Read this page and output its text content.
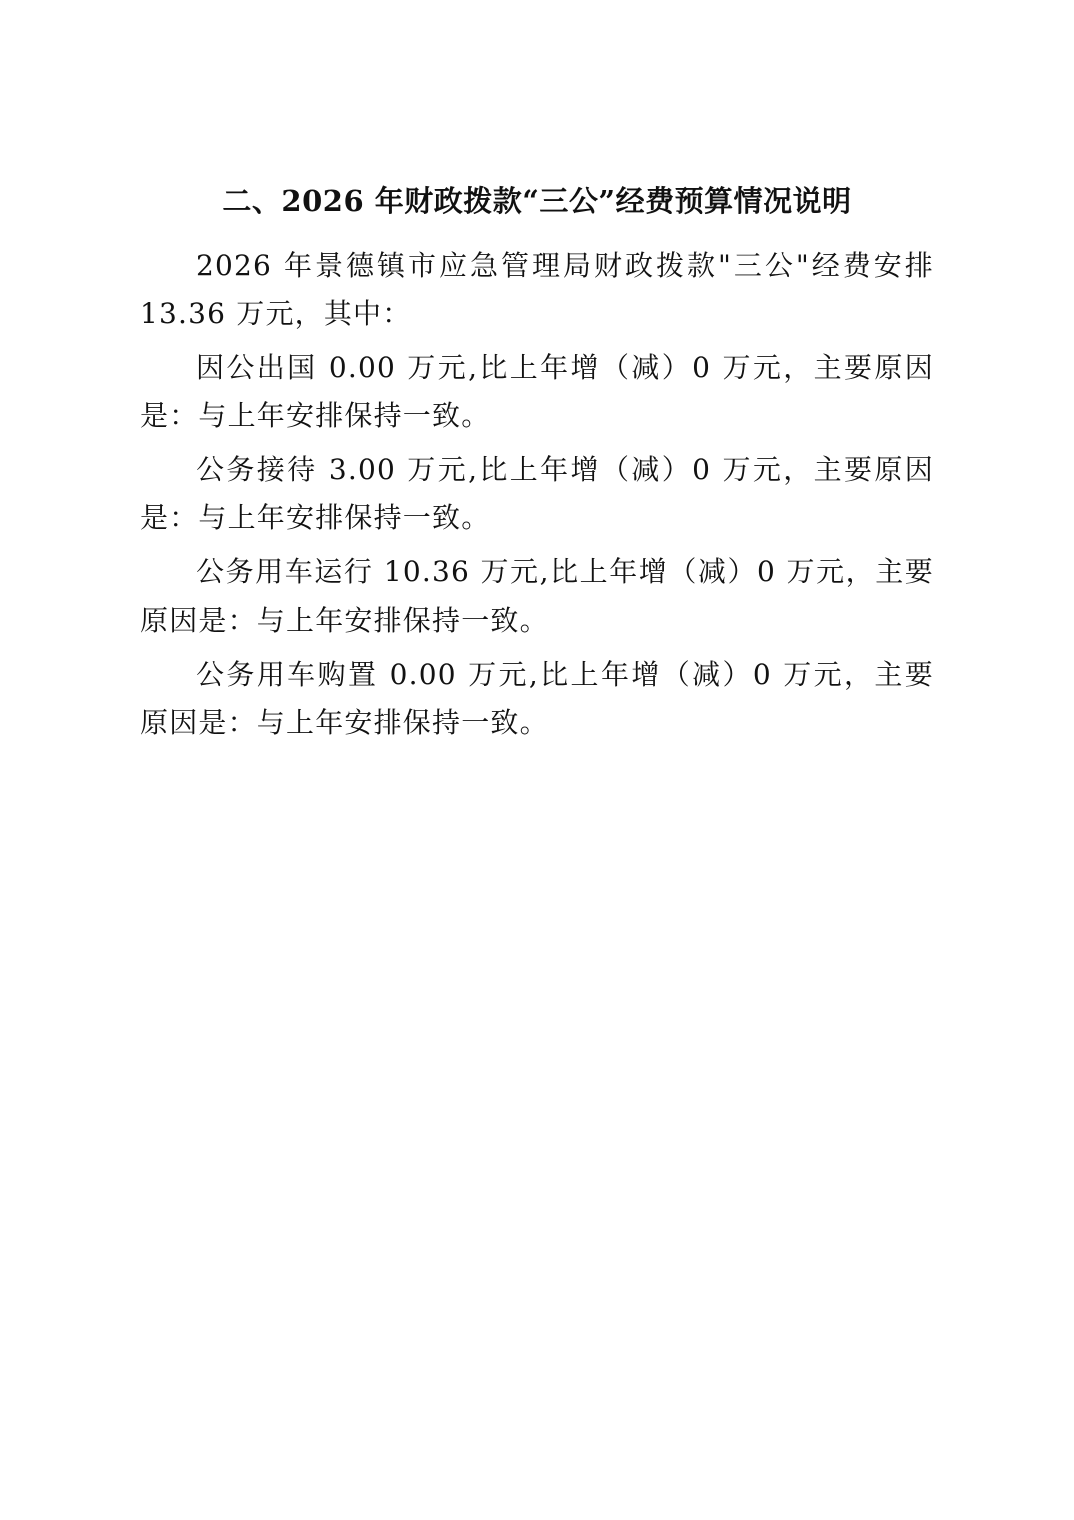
二、2026 年财政拨款“三公”经费预算情况说明

2026 年景德镇市应急管理局财政拨款"三公"经费安排 13.36 万元，其中：

因公出国 0.00 万元,比上年增（减）0 万元，主要原因是：与上年安排保持一致。

公务接待 3.00 万元,比上年增（减）0 万元，主要原因是：与上年安排保持一致。

公务用车运行 10.36 万元,比上年增（减）0 万元，主要原因是：与上年安排保持一致。

公务用车购置 0.00 万元,比上年增（减）0 万元，主要原因是：与上年安排保持一致。
